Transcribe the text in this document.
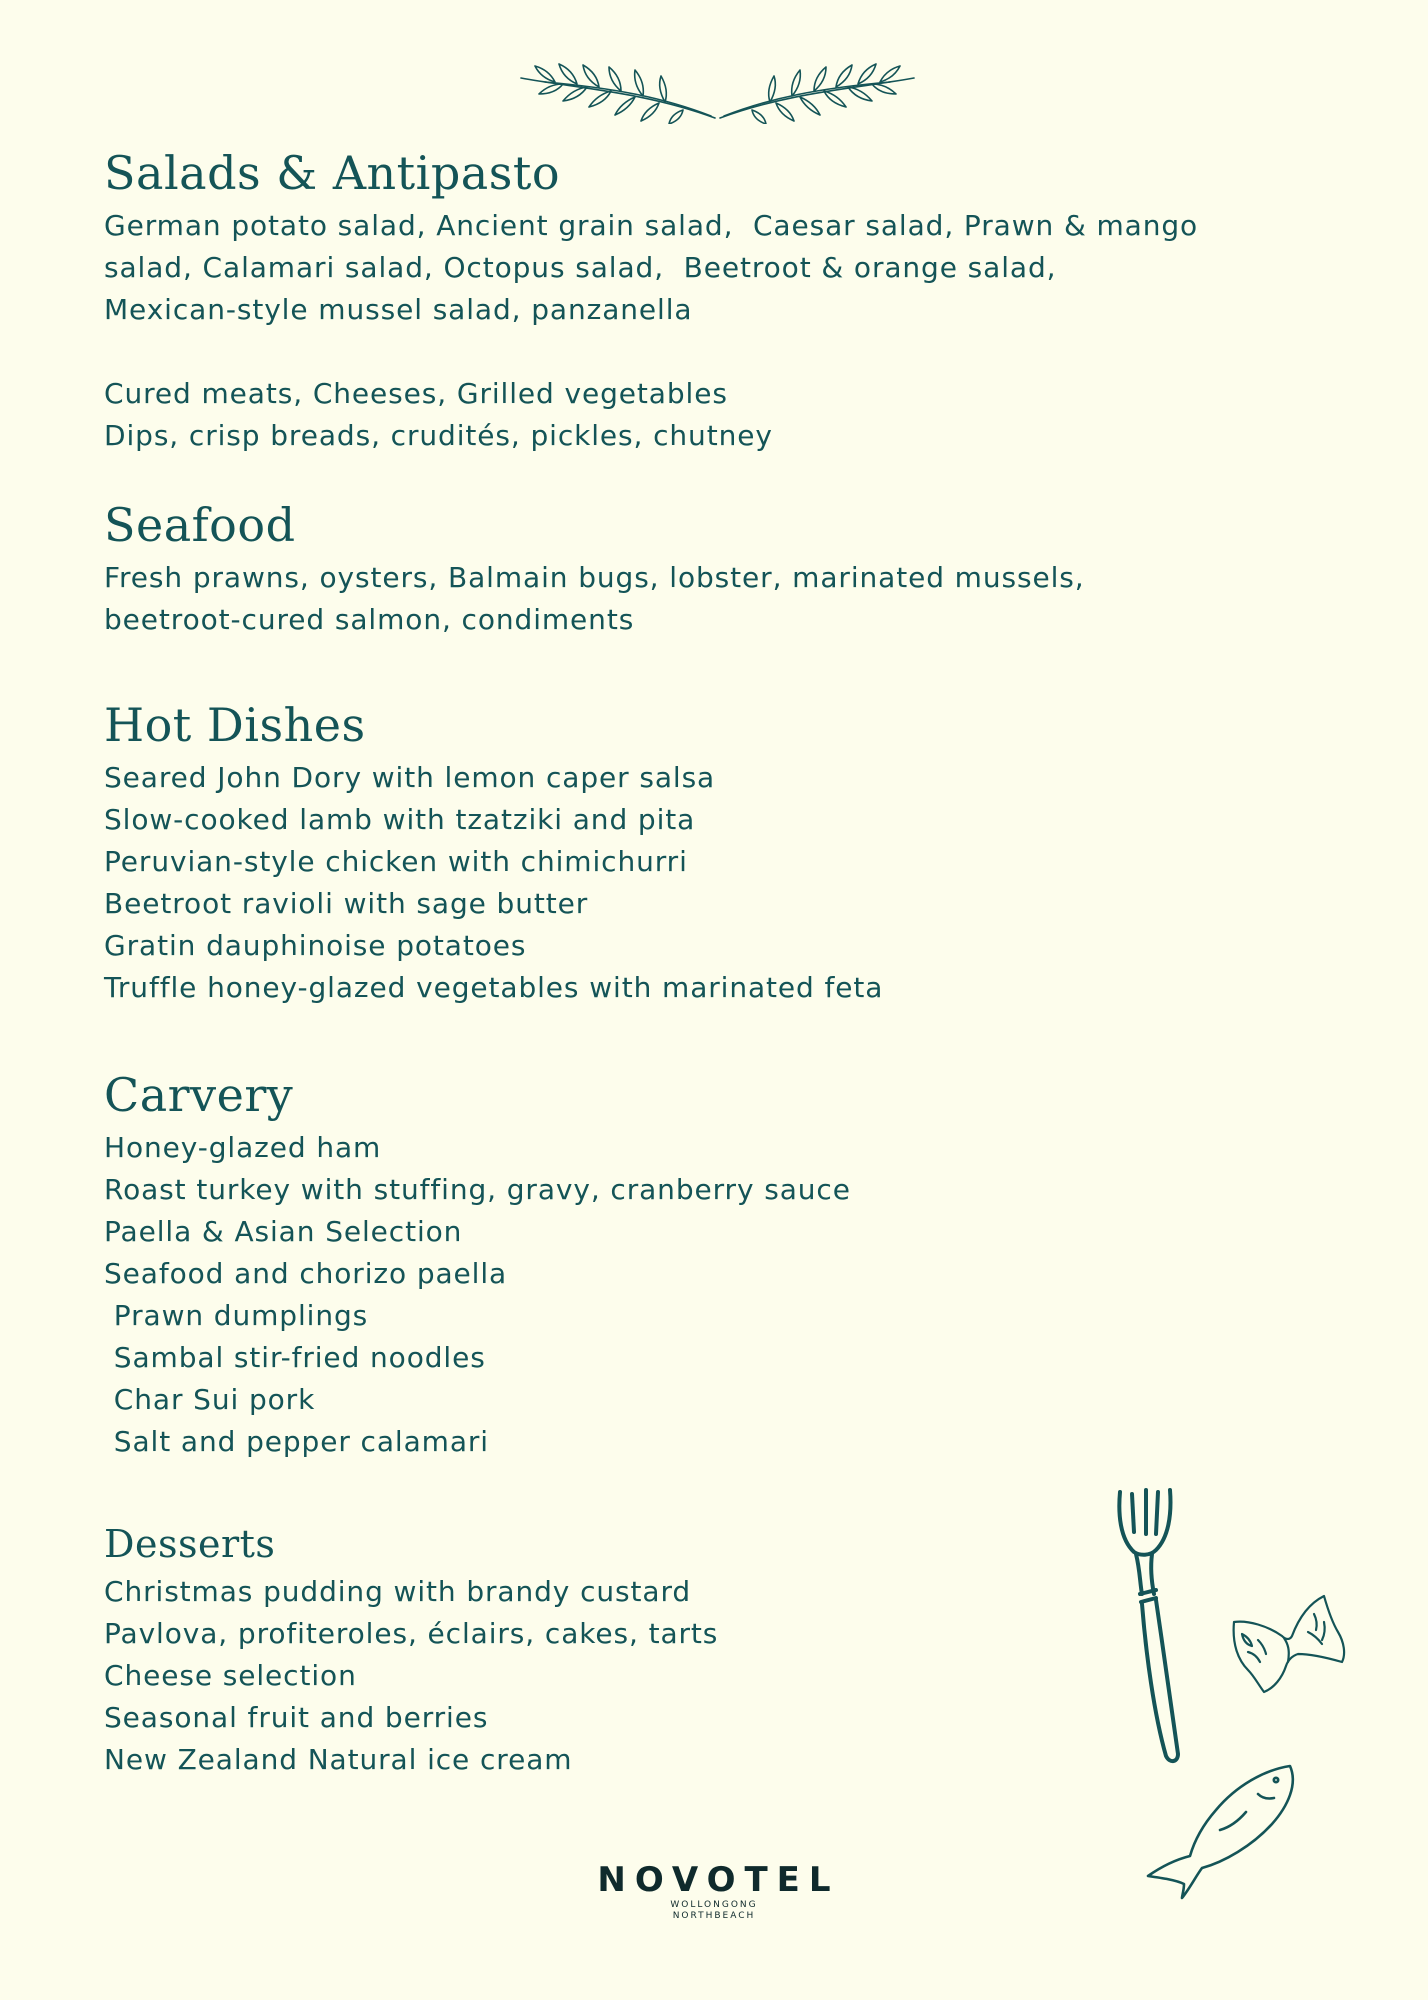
Salads & Antipasto

German potato salad, Ancient grain salad,  Caesar salad, Prawn & mango

salad, Calamari salad, Octopus salad,  Beetroot & orange salad,

Mexican-style mussel salad, panzanella

Cured meats, Cheeses, Grilled vegetables

Dips, crisp breads, crudités, pickles, chutney

Seafood

Fresh prawns, oysters, Balmain bugs, lobster, marinated mussels,

beetroot-cured salmon, condiments

Hot Dishes

Seared John Dory with lemon caper salsa

Slow-cooked lamb with tzatziki and pita

Peruvian-style chicken with chimichurri

Beetroot ravioli with sage butter

Gratin dauphinoise potatoes

Truffle honey-glazed vegetables with marinated feta

Carvery

Honey-glazed ham

Roast turkey with stuffing, gravy, cranberry sauce

Paella & Asian Selection

Seafood and chorizo paella

Prawn dumplings

Sambal stir-fried noodles

Char Sui pork

Salt and pepper calamari

Desserts

Christmas pudding with brandy custard

Pavlova, profiteroles, éclairs, cakes, tarts

Cheese selection

Seasonal fruit and berries

New Zealand Natural ice cream

NOVOTEL
WOLLONGONG
NORTHBEACH
